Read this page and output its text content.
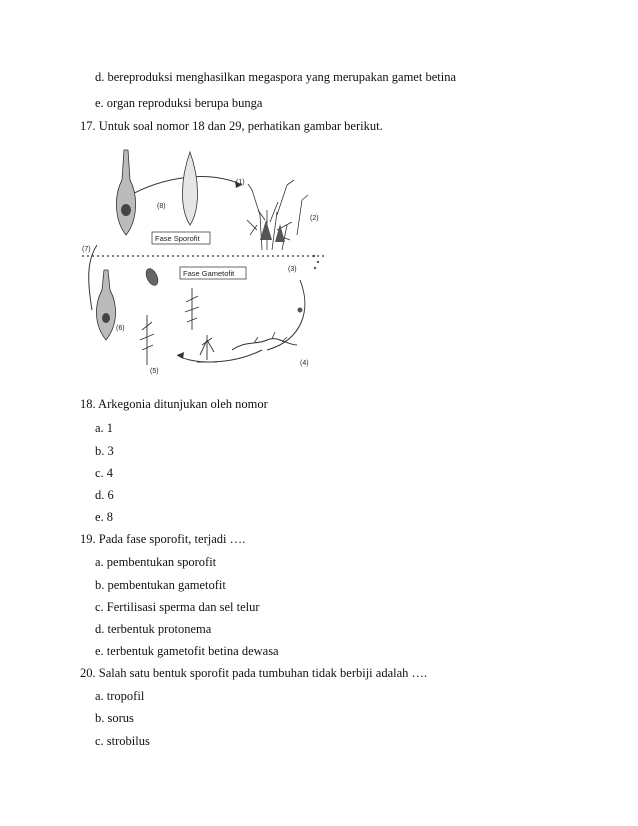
d. bereproduksi menghasilkan megaspora yang merupakan gamet betina
e. organ reproduksi berupa bunga
17. Untuk soal nomor 18 dan 29, perhatikan gambar berikut.
Fase Sporofit
Fase Gametofit
(1)
(2)
(3)
(4)
(5)
(6)
(7)
(8)
18. Arkegonia ditunjukan oleh nomor
a. 1
b. 3
c. 4
d. 6
e. 8
19. Pada fase sporofit, terjadi ….
a. pembentukan sporofit
b. pembentukan gametofit
c. Fertilisasi sperma dan sel telur
d. terbentuk protonema
e. terbentuk gametofit betina dewasa
20. Salah satu bentuk sporofit pada tumbuhan tidak berbiji adalah ….
a. tropofil
b. sorus
c. strobilus
